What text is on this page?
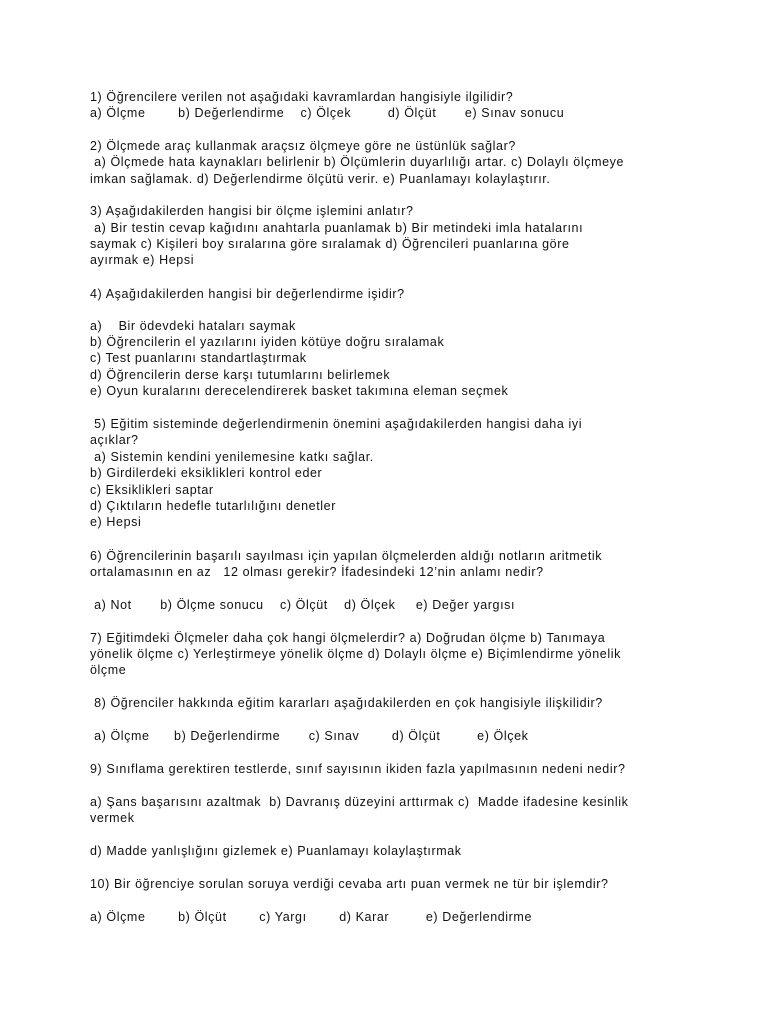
1) Öğrencilere verilen not aşağıdaki kavramlardan hangisiyle ilgilidir?
a) Ölçme        b) Değerlendirme    c) Ölçek         d) Ölçüt       e) Sınav sonucu
2) Ölçmede araç kullanmak araçsız ölçmeye göre ne üstünlük sağlar?
a) Ölçmede hata kaynakları belirlenir b) Ölçümlerin duyarlılığı artar. c) Dolaylı ölçmeye
imkan sağlamak. d) Değerlendirme ölçütü verir. e) Puanlamayı kolaylaştırır.
3) Aşağıdakilerden hangisi bir ölçme işlemini anlatır?
a) Bir testin cevap kağıdını anahtarla puanlamak b) Bir metindeki imla hatalarını
saymak c) Kişileri boy sıralarına göre sıralamak d) Öğrencileri puanlarına göre
ayırmak e) Hepsi
4) Aşağıdakilerden hangisi bir değerlendirme işidir?
a)    Bir ödevdeki hataları saymak
b) Öğrencilerin el yazılarını iyiden kötüye doğru sıralamak
c) Test puanlarını standartlaştırmak
d) Öğrencilerin derse karşı tutumlarını belirlemek
e) Oyun kuralarını derecelendirerek basket takımına eleman seçmek
5) Eğitim sisteminde değerlendirmenin önemini aşağıdakilerden hangisi daha iyi
açıklar?
a) Sistemin kendini yenilemesine katkı sağlar.
b) Girdilerdeki eksiklikleri kontrol eder
c) Eksiklikleri saptar
d) Çıktıların hedefle tutarlılığını denetler
e) Hepsi
6) Öğrencilerinin başarılı sayılması için yapılan ölçmelerden aldığı notların aritmetik
ortalamasının en az   12 olması gerekir? İfadesindeki 12’nin anlamı nedir?
a) Not       b) Ölçme sonucu    c) Ölçüt    d) Ölçek     e) Değer yargısı
7) Eğitimdeki Ölçmeler daha çok hangi ölçmelerdir? a) Doğrudan ölçme b) Tanımaya
yönelik ölçme c) Yerleştirmeye yönelik ölçme d) Dolaylı ölçme e) Biçimlendirme yönelik
ölçme
8) Öğrenciler hakkında eğitim kararları aşağıdakilerden en çok hangisiyle ilişkilidir?
a) Ölçme      b) Değerlendirme       c) Sınav        d) Ölçüt         e) Ölçek
9) Sınıflama gerektiren testlerde, sınıf sayısının ikiden fazla yapılmasının nedeni nedir?
a) Şans başarısını azaltmak  b) Davranış düzeyini arttırmak c)  Madde ifadesine kesinlik
vermek
d) Madde yanlışlığını gizlemek e) Puanlamayı kolaylaştırmak
10) Bir öğrenciye sorulan soruya verdiği cevaba artı puan vermek ne tür bir işlemdir?
a) Ölçme        b) Ölçüt        c) Yargı        d) Karar         e) Değerlendirme
